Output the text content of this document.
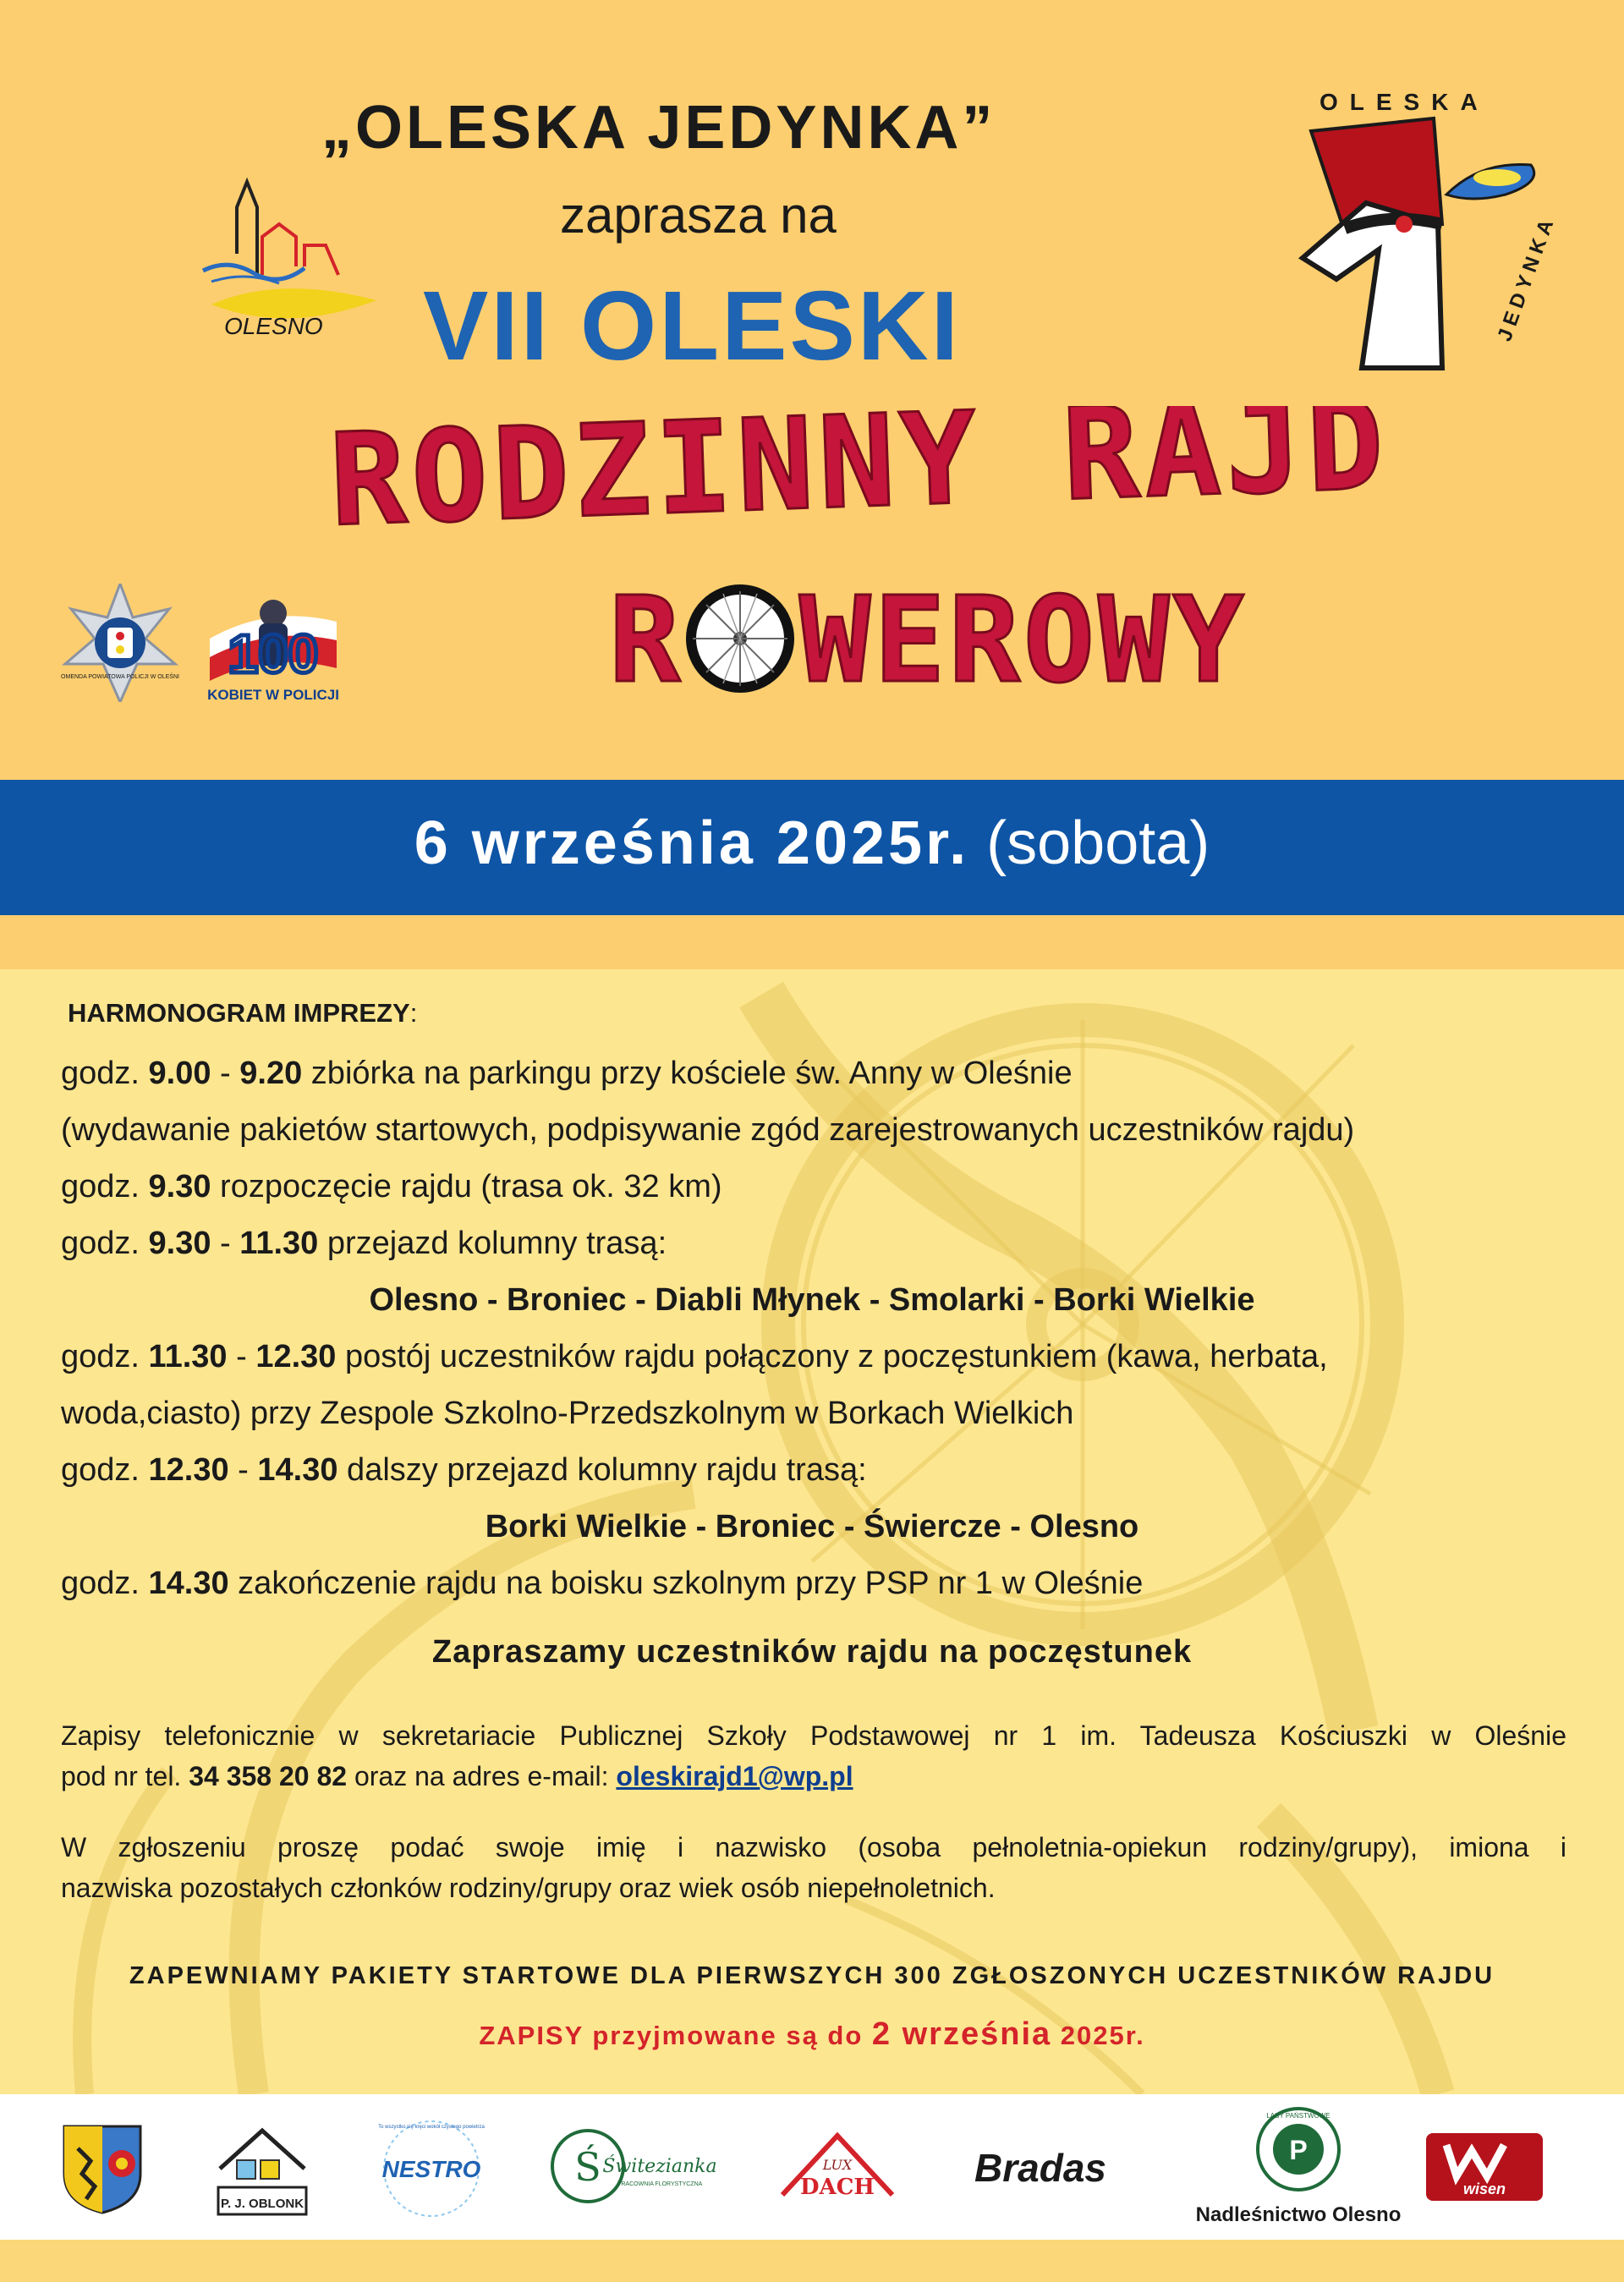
OLESNO
„OLESKA JEDYNKA”
zaprasza na
VII OLESKI
OLESKA
JEDYNKA
RODZINNY RAJD
R WEROWY
KOMENDA POWIATOWA POLICJI W OLEŚNIE 100
KOBIET W POLICJI
6 września 2025r. (sobota)
HARMONOGRAM IMPREZY:
godz. 9.00 - 9.20 zbiórka na parkingu przy kościele św. Anny w Oleśnie
(wydawanie pakietów startowych, podpisywanie zgód zarejestrowanych uczestników rajdu)
godz. 9.30 rozpoczęcie rajdu (trasa ok. 32 km)
godz. 9.30 - 11.30 przejazd kolumny trasą:
Olesno - Broniec - Diabli Młynek - Smolarki - Borki Wielkie
godz. 11.30 - 12.30 postój uczestników rajdu połączony z poczęstunkiem (kawa, herbata,
woda,ciasto) przy Zespole Szkolno-Przedszkolnym w Borkach Wielkich
godz. 12.30 - 14.30 dalszy przejazd kolumny rajdu trasą:
Borki Wielkie - Broniec - Świercze - Olesno
godz. 14.30 zakończenie rajdu na boisku szkolnym przy PSP nr 1 w Oleśnie
Zapraszamy uczestników rajdu na poczęstunek
Zapisy telefonicznie w sekretariacie Publicznej Szkoły Podstawowej nr 1 im. Tadeusza Kościuszki w Oleśnie
pod nr tel. 34 358 20 82 oraz na adres e-mail: oleskirajd1@wp.pl
W zgłoszeniu proszę podać swoje imię i nazwisko (osoba pełnoletnia-opiekun rodziny/grupy), imiona i
nazwiska pozostałych członków rodziny/grupy oraz wiek osób niepełnoletnich.
ZAPEWNIAMY PAKIETY STARTOWE DLA PIERWSZYCH 300 ZGŁOSZONYCH UCZESTNIKÓW RAJDU
ZAPISY przyjmowane są do 2 września 2025r.
P. J. OBLONK
NESTRO
To wszystko się kręci wokół czystego powietrza
Ś Świtezianka
PRACOWNIA FLORYSTYCZNA
LUX
DACH	Bradas	P
LASY PAŃSTWOWE
Nadleśnictwo Olesno
wisen
